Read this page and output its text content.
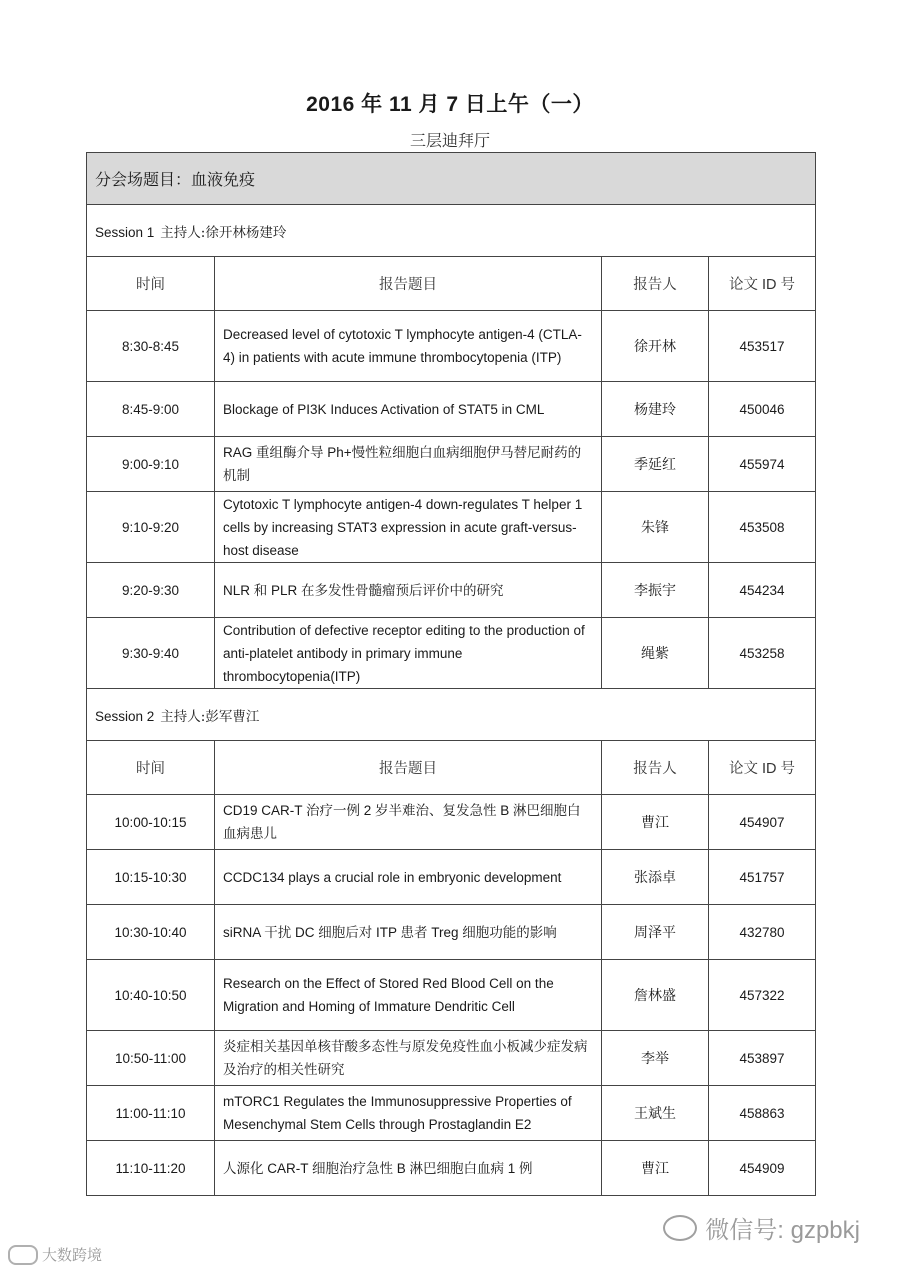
2016 年 11 月 7 日上午（一）
三层迪拜厅
分会场题目：血液免疫			
Session 1 主持人:徐开林杨建玲			
时间	报告题目	报告人	论文 ID 号
8:30-8:45	Decreased level of cytotoxic T lymphocyte antigen-4 (CTLA-4) in patients with acute immune thrombocytopenia (ITP)	徐开林	453517
8:45-9:00	Blockage of PI3K Induces Activation of STAT5 in CML	杨建玲	450046
9:00-9:10	RAG 重组酶介导 Ph+慢性粒细胞白血病细胞伊马替尼耐药的机制	季延红	455974
9:10-9:20	Cytotoxic T lymphocyte antigen-4 down-regulates T helper 1 cells by increasing STAT3 expression in acute graft-versus-host disease	朱锋	453508
9:20-9:30	NLR 和 PLR 在多发性骨髓瘤预后评价中的研究	李振宇	454234
9:30-9:40	Contribution of defective receptor editing to the production of anti-platelet antibody in primary immune thrombocytopenia(ITP)	绳紫	453258
Session 2 主持人:彭军曹江			
时间	报告题目	报告人	论文 ID 号
10:00-10:15	CD19 CAR-T 治疗一例 2 岁半难治、复发急性 B 淋巴细胞白血病患儿	曹江	454907
10:15-10:30	CCDC134 plays a crucial role in embryonic development	张添卓	451757
10:30-10:40	siRNA 干扰 DC 细胞后对 ITP 患者 Treg 细胞功能的影响	周泽平	432780
10:40-10:50	Research on the Effect of Stored Red Blood Cell on the Migration and Homing of Immature Dendritic Cell	詹林盛	457322
10:50-11:00	炎症相关基因单核苷酸多态性与原发免疫性血小板减少症发病及治疗的相关性研究	李举	453897
11:00-11:10	mTORC1 Regulates the Immunosuppressive Properties of Mesenchymal Stem Cells through Prostaglandin E2	王斌生	458863
11:10-11:20	人源化 CAR-T 细胞治疗急性 B 淋巴细胞白血病 1 例	曹江	454909
微信号: gzpbkj
大数跨境
